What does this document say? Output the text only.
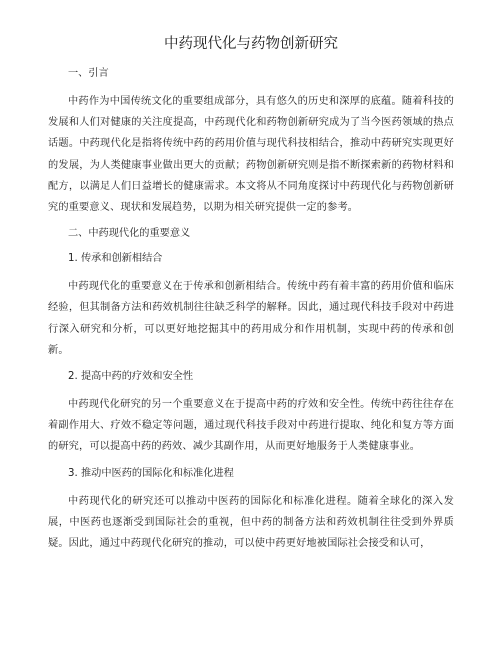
中药现代化与药物创新研究
一、引言

中药作为中国传统文化的重要组成部分，具有悠久的历史和深厚的底蕴。随着科技的发展和人们对健康的关注度提高，中药现代化和药物创新研究成为了当今医药领域的热点话题。中药现代化是指将传统中药的药用价值与现代科技相结合，推动中药研究实现更好的发展，为人类健康事业做出更大的贡献；药物创新研究则是指不断探索新的药物材料和配方，以满足人们日益增长的健康需求。本文将从不同角度探讨中药现代化与药物创新研究的重要意义、现状和发展趋势，以期为相关研究提供一定的参考。

二、中药现代化的重要意义
1. 传承和创新相结合

中药现代化的重要意义在于传承和创新相结合。传统中药有着丰富的药用价值和临床经验，但其制备方法和药效机制往往缺乏科学的解释。因此，通过现代科技手段对中药进行深入研究和分析，可以更好地挖掘其中的药用成分和作用机制，实现中药的传承和创新。

2. 提高中药的疗效和安全性

中药现代化研究的另一个重要意义在于提高中药的疗效和安全性。传统中药往往存在着副作用大、疗效不稳定等问题，通过现代科技手段对中药进行提取、纯化和复方等方面的研究，可以提高中药的药效、减少其副作用，从而更好地服务于人类健康事业。

3. 推动中医药的国际化和标准化进程

中药现代化的研究还可以推动中医药的国际化和标准化进程。随着全球化的深入发展，中医药也逐渐受到国际社会的重视，但中药的制备方法和药效机制往往受到外界质疑。因此，通过中药现代化研究的推动，可以使中药更好地被国际社会接受和认可，
